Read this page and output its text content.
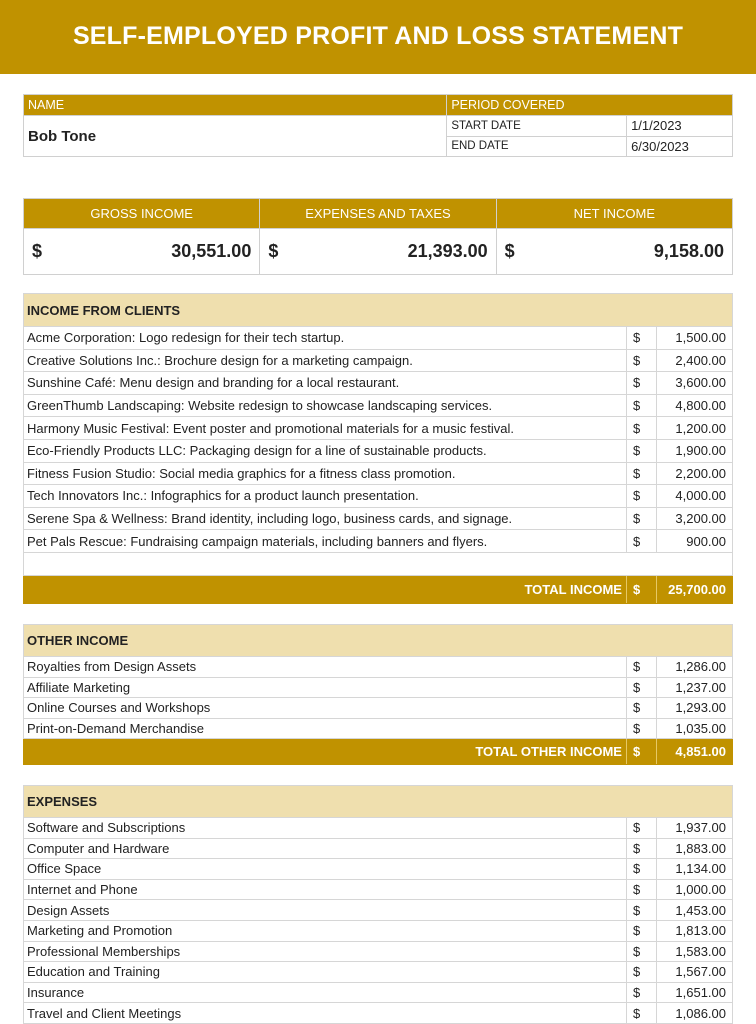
SELF-EMPLOYED PROFIT AND LOSS STATEMENT
NAME	PERIOD COVERED	
Bob Tone	START DATE	1/1/2023
	END DATE	6/30/2023
GROSS INCOME	EXPENSES AND TAXES	NET INCOME

$ 30,551.00	$ 21,393.00	$ 9,158.00
INCOME FROM CLIENTS		
Acme Corporation: Logo redesign for their tech startup.	$	1,500.00
Creative Solutions Inc.: Brochure design for a marketing campaign.	$	2,400.00
Sunshine Café: Menu design and branding for a local restaurant.	$	3,600.00
GreenThumb Landscaping: Website redesign to showcase landscaping services.	$	4,800.00
Harmony Music Festival: Event poster and promotional materials for a music festival.	$	1,200.00
Eco-Friendly Products LLC: Packaging design for a line of sustainable products.	$	1,900.00
Fitness Fusion Studio: Social media graphics for a fitness class promotion.	$	2,200.00
Tech Innovators Inc.: Infographics for a product launch presentation.	$	4,000.00
Serene Spa & Wellness: Brand identity, including logo, business cards, and signage.	$	3,200.00
Pet Pals Rescue: Fundraising campaign materials, including banners and flyers.	$	900.00

TOTAL INCOME	$	25,700.00
OTHER INCOME		
Royalties from Design Assets	$	1,286.00
Affiliate Marketing	$	1,237.00
Online Courses and Workshops	$	1,293.00
Print-on-Demand Merchandise	$	1,035.00
TOTAL OTHER INCOME	$	4,851.00
EXPENSES		
Software and Subscriptions	$	1,937.00
Computer and Hardware	$	1,883.00
Office Space	$	1,134.00
Internet and Phone	$	1,000.00
Design Assets	$	1,453.00
Marketing and Promotion	$	1,813.00
Professional Memberships	$	1,583.00
Education and Training	$	1,567.00
Insurance	$	1,651.00
Travel and Client Meetings	$	1,086.00
